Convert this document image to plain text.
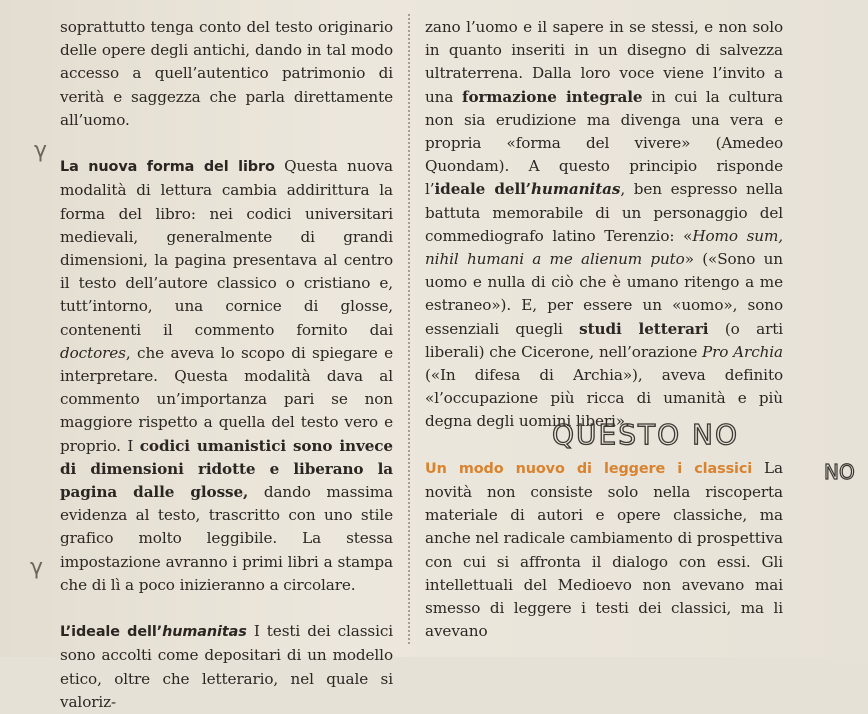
soprattutto tenga conto del testo originario delle opere degli antichi, dando in tal modo accesso a quell’autentico patrimonio di verità e saggezza che parla direttamente all’uomo.

La nuova forma del libro Questa nuova modalità di lettura cambia addirittura la forma del libro: nei codici universitari medievali, generalmente di grandi dimensioni, la pagina presentava al centro il testo dell’autore classico o cristiano e, tutt’intorno, una cornice di glosse, contenenti il commento fornito dai doctores, che aveva lo scopo di spiegare e interpretare. Questa modalità dava al commento un’importanza pari se non maggiore rispetto a quella del testo vero e proprio. I codici umanistici sono invece di dimensioni ridotte e liberano la pagina dalle glosse, dando massima evidenza al testo, trascritto con uno stile grafico molto leggibile. La stessa impostazione avranno i primi libri a stampa che di lì a poco inizieranno a circolare.

L’ideale dell’humanitas I testi dei classici sono accolti come depositari di un modello etico, oltre che letterario, nel quale si valoriz-

zano l’uomo e il sapere in se stessi, e non solo in quanto inseriti in un disegno di salvezza ultraterrena. Dalla loro voce viene l’invito a una formazione integrale in cui la cultura non sia erudizione ma divenga una vera e propria «forma del vivere» (Amedeo Quondam). A questo principio risponde l’ideale dell’humanitas, ben espresso nella battuta memorabile di un personaggio del commediografo latino Terenzio: «Homo sum, nihil humani a me alienum puto» («Sono un uomo e nulla di ciò che è umano ritengo a me estraneo»). E, per essere un «uomo», sono essenziali quegli studi letterari (o arti liberali) che Cicerone, nell’orazione Pro Archia («In difesa di Archia»), aveva definito «l’occupazione più ricca di umanità e più degna degli uomini liberi».

Un modo nuovo di leggere i classici La novità non consiste solo nella riscoperta materiale di autori e opere classiche, ma anche nel radicale cambiamento di prospettiva con cui si affronta il dialogo con essi. Gli intellettuali del Medioevo non avevano mai smesso di leggere i testi dei classici, ma li avevano

γ
γ
QUESTO NO
NO
